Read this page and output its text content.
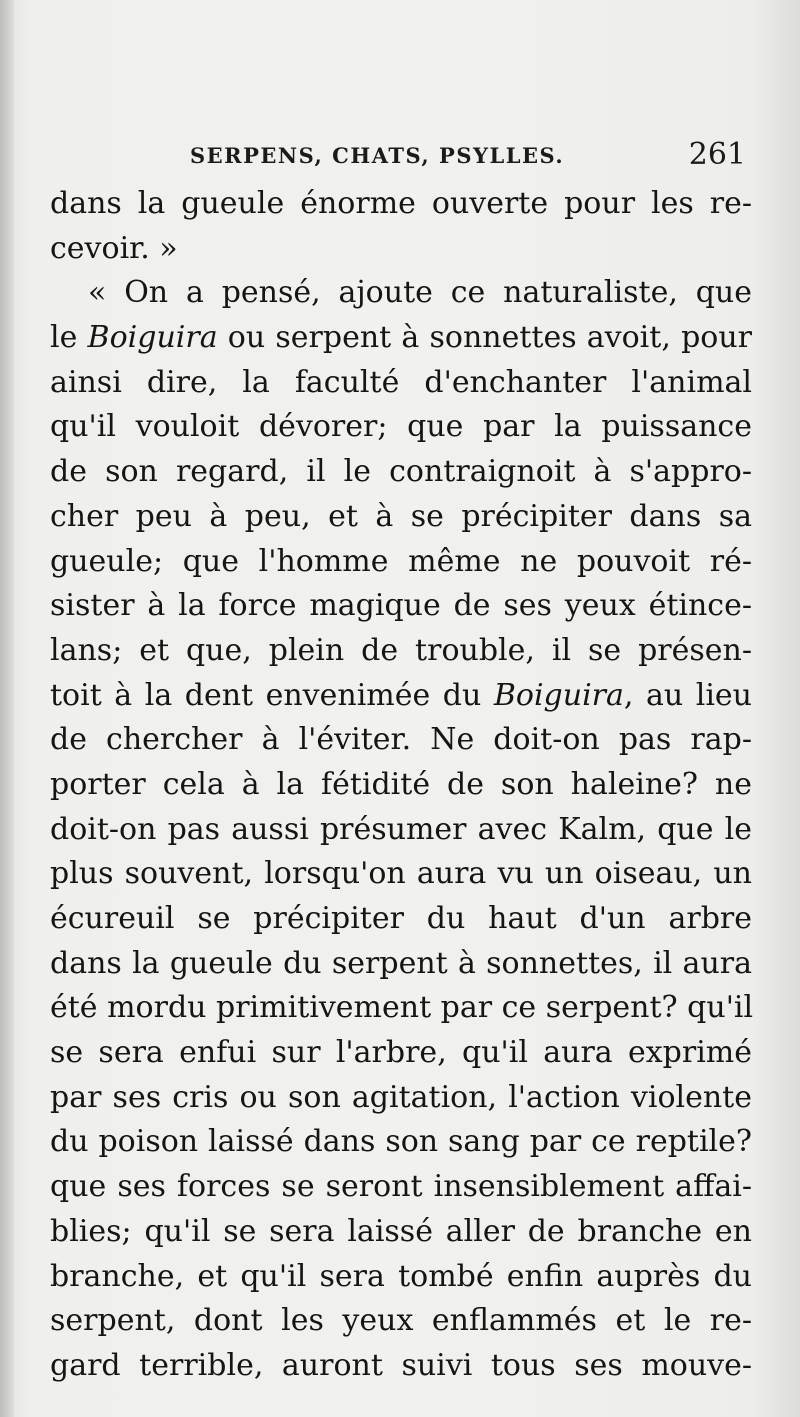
SERPENS, CHATS, PSYLLES.	261
dans la gueule énorme ouverte pour les re-
cevoir. »
« On a pensé, ajoute ce naturaliste, que
le Boiguira ou serpent à sonnettes avoit, pour
ainsi dire, la faculté d'enchanter l'animal
qu'il vouloit dévorer; que par la puissance
de son regard, il le contraignoit à s'appro-
cher peu à peu, et à se précipiter dans sa
gueule; que l'homme même ne pouvoit ré-
sister à la force magique de ses yeux étince-
lans; et que, plein de trouble, il se présen-
toit à la dent envenimée du Boiguira, au lieu
de chercher à l'éviter. Ne doit-on pas rap-
porter cela à la fétidité de son haleine? ne
doit-on pas aussi présumer avec Kalm, que le
plus souvent, lorsqu'on aura vu un oiseau, un
écureuil se précipiter du haut d'un arbre
dans la gueule du serpent à sonnettes, il aura
été mordu primitivement par ce serpent? qu'il
se sera enfui sur l'arbre, qu'il aura exprimé
par ses cris ou son agitation, l'action violente
du poison laissé dans son sang par ce reptile?
que ses forces se seront insensiblement affai-
blies; qu'il se sera laissé aller de branche en
branche, et qu'il sera tombé enfin auprès du
serpent, dont les yeux enflammés et le re-
gard terrible, auront suivi tous ses mouve-
